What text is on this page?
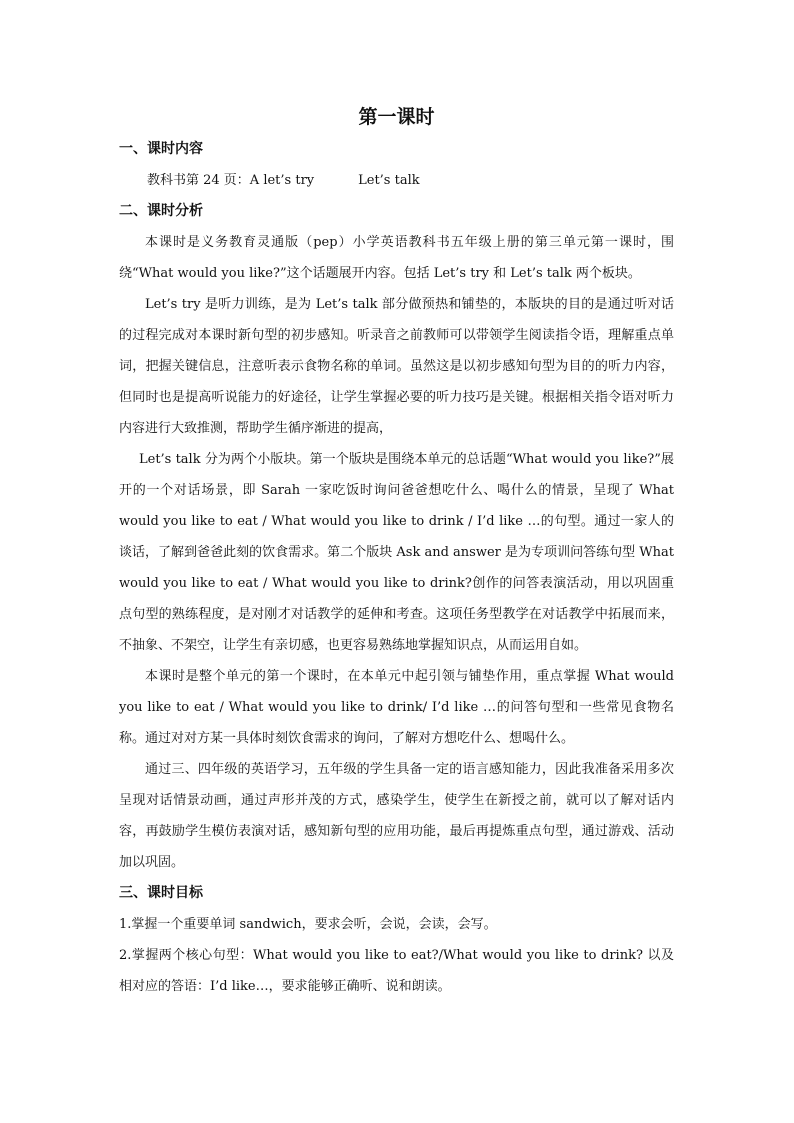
第一课时
一、课时内容

教科书第 24 页：A let’s try	Let’s talk

二、课时分析

本课时是义务教育灵通版（pep）小学英语教科书五年级上册的第三单元第一课时，围绕“What would you like?”这个话题展开内容。包括 Let’s try 和 Let’s talk 两个板块。

Let’s try 是听力训练，是为 Let’s talk 部分做预热和铺垫的，本版块的目的是通过听对话的过程完成对本课时新句型的初步感知。听录音之前教师可以带领学生阅读指令语，理解重点单词，把握关键信息，注意听表示食物名称的单词。虽然这是以初步感知句型为目的的听力内容，但同时也是提高听说能力的好途径，让学生掌握必要的听力技巧是关键。根据相关指令语对听力内容进行大致推测，帮助学生循序渐进的提高，

Let’s talk 分为两个小版块。第一个版块是围绕本单元的总话题“What would you like?”展开的一个对话场景，即 Sarah 一家吃饭时询问爸爸想吃什么、喝什么的情景，呈现了 What would you like to eat / What would you like to drink / I’d like …的句型。通过一家人的谈话，了解到爸爸此刻的饮食需求。第二个版块 Ask and answer 是为专项训问答练句型 What would you like to eat / What would you like to drink?创作的问答表演活动，用以巩固重点句型的熟练程度，是对刚才对话教学的延伸和考查。这项任务型教学在对话教学中拓展而来，不抽象、不架空，让学生有亲切感，也更容易熟练地掌握知识点，从而运用自如。

本课时是整个单元的第一个课时，在本单元中起引领与铺垫作用，重点掌握 What would you like to eat / What would you like to drink/ I’d like …的问答句型和一些常见食物名称。通过对对方某一具体时刻饮食需求的询问，了解对方想吃什么、想喝什么。

通过三、四年级的英语学习，五年级的学生具备一定的语言感知能力，因此我准备采用多次呈现对话情景动画，通过声形并茂的方式，感染学生，使学生在新授之前，就可以了解对话内容，再鼓励学生模仿表演对话，感知新句型的应用功能，最后再提炼重点句型，通过游戏、活动加以巩固。

三、课时目标

1.掌握一个重要单词 sandwich，要求会听，会说，会读，会写。

2.掌握两个核心句型：What would you like to eat?/What would you like to drink? 以及相对应的答语：I’d like…，要求能够正确听、说和朗读。
